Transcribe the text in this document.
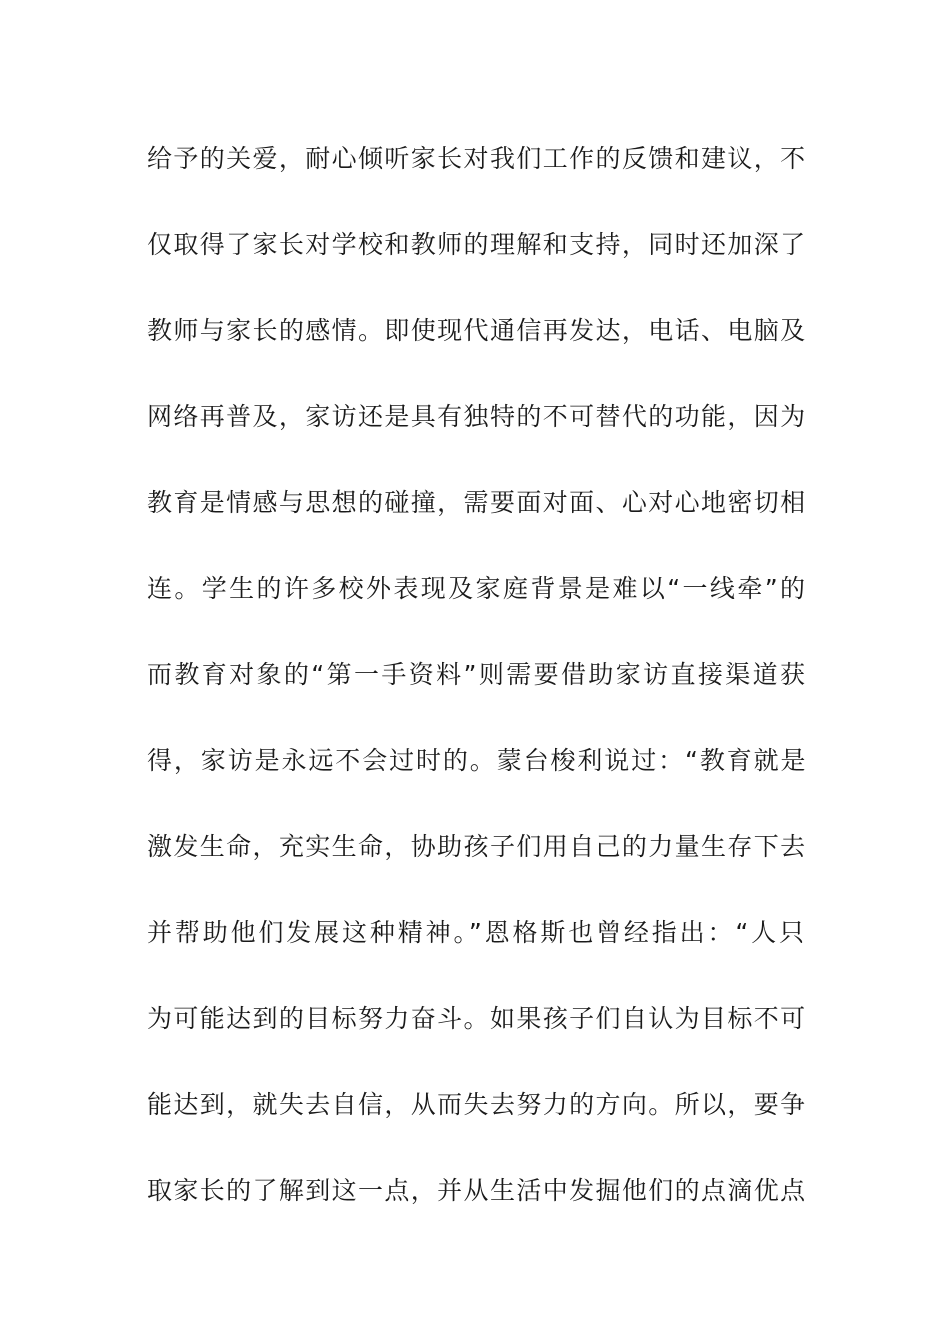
给予的关爱，耐心倾听家长对我们工作的反馈和建议，不
仅取得了家长对学校和教师的理解和支持，同时还加深了
教师与家长的感情。即使现代通信再发达，电话、电脑及
网络再普及，家访还是具有独特的不可替代的功能，因为
教育是情感与思想的碰撞，需要面对面、心对心地密切相
连。学生的许多校外表现及家庭背景是难以“一线牵”的
而教育对象的“第一手资料”则需要借助家访直接渠道获
得，家访是永远不会过时的。蒙台梭利说过：“教育就是
激发生命，充实生命，协助孩子们用自己的力量生存下去
并帮助他们发展这种精神。”恩格斯也曾经指出：“人只
为可能达到的目标努力奋斗。如果孩子们自认为目标不可
能达到，就失去自信，从而失去努力的方向。所以，要争
取家长的了解到这一点，并从生活中发掘他们的点滴优点
